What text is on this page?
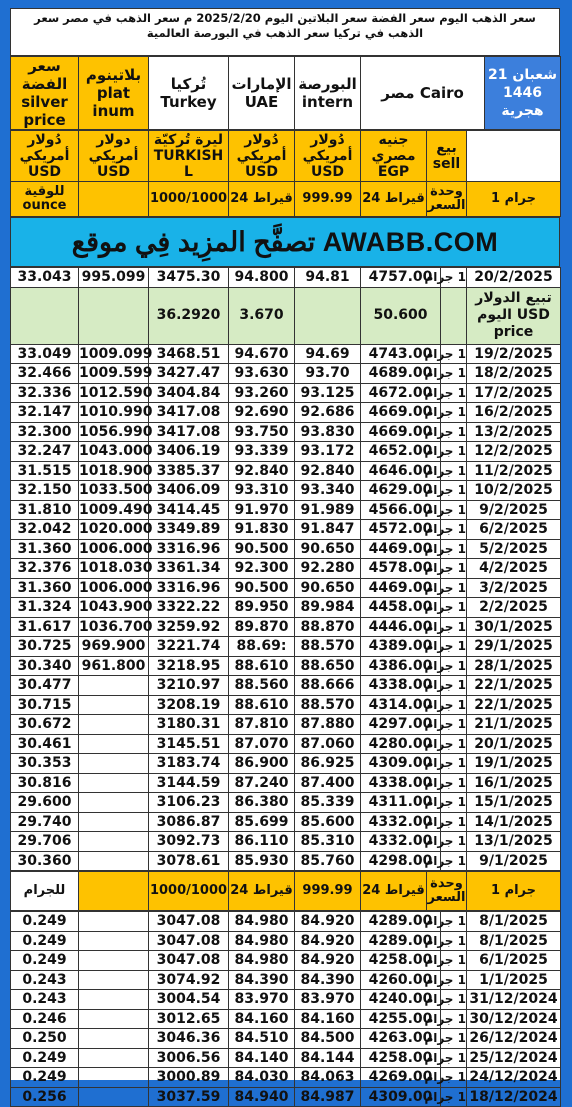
سعر الذهب اليوم سعر الفضة سعر البلاتين اليوم 2025/2/20 م سعر الذهب في مصر سعر الذهب في تركيا سعر الذهب في البورصة العالمية
سعر الفضة silver price	بلاتينوم plat inum	تُركيا Turkey	الإمارات UAE	البورصة intern	مصر Cairo	21 شعبان 1446 هجرية
دُولار أمريكي USD	دولار أمريكي USD	ليرة تُركيّة TURKISH L	دُولار أمريكي USD	دُولار أمريكي USD	جنيه مصري EGP	بيع sell	
للوقية ounce		1000/1000	24 قيراط	999.99	24 قيراط	وحدة السعر	1 جرام
تصفَّح المزِيد فِي موقع AWABB.COM
33.043	995.099	3475.30	94.800	94.81	4757.00	1 جرام	20/2/2025
		36.2920	3.670		50.600		تبيع الدولار اليوم USD price
33.049	1009.099	3468.51	94.670	94.69	4743.00	1 جرام	19/2/2025
32.466	1009.599	3427.47	93.630	93.70	4689.00	1 جرام	18/2/2025
32.336	1012.590	3404.84	93.260	93.125	4672.00	1 جرام	17/2/2025
32.147	1010.990	3417.08	92.690	92.686	4669.00	1 جرام	16/2/2025
32.300	1056.990	3417.08	93.750	93.830	4669.00	1 جرام	13/2/2025
32.247	1043.000	3406.19	93.339	93.172	4652.00	1 جرام	12/2/2025
31.515	1018.900	3385.37	92.840	92.840	4646.00	1 جرام	11/2/2025
32.150	1033.500	3406.09	93.310	93.340	4629.00	1 جرام	10/2/2025
31.810	1009.490	3414.45	91.970	91.989	4566.00	1 جرام	9/2/2025
32.042	1020.000	3349.89	91.830	91.847	4572.00	1 جرام	6/2/2025
31.360	1006.000	3316.96	90.500	90.650	4469.00	1 جرام	5/2/2025
32.376	1018.030	3361.34	92.300	92.280	4578.00	1 جرام	4/2/2025
31.360	1006.000	3316.96	90.500	90.650	4469.00	1 جرام	3/2/2025
31.324	1043.900	3322.22	89.950	89.984	4458.00	1 جرام	2/2/2025
31.617	1036.700	3259.92	89.870	88.870	4446.00	1 جرام	30/1/2025
30.725	969.900	3221.74	88.69:	88.570	4389.00	1 جرام	29/1/2025
30.340	961.800	3218.95	88.610	88.650	4386.00	1 جرام	28/1/2025
30.477		3210.97	88.560	88.666	4338.00	1 جرام	22/1/2025
30.715		3208.19	88.610	88.570	4314.00	1 جرام	22/1/2025
30.672		3180.31	87.810	87.880	4297.00	1 جرام	21/1/2025
30.461		3145.51	87.070	87.060	4280.00	1 جرام	20/1/2025
30.353		3183.74	86.900	86.925	4309.00	1 جرام	19/1/2025
30.816		3144.59	87.240	87.400	4338.00	1 جرام	16/1/2025
29.600		3106.23	86.380	85.339	4311.00	1 جرام	15/1/2025
29.740		3086.87	85.699	85.600	4332.00	1 جرام	14/1/2025
29.706		3092.73	86.110	85.310	4332.00	1 جرام	13/1/2025
30.360		3078.61	85.930	85.760	4298.00	1 جرام	9/1/2025
للجرام		1000/1000	24 قيراط	999.99	24 قيراط	وحدة السعر	1 جرام
0.249		3047.08	84.980	84.920	4289.00	1 جرام	8/1/2025
0.249		3047.08	84.980	84.920	4289.00	1 جرام	8/1/2025
0.249		3047.08	84.980	84.920	4258.00	1 جرام	6/1/2025
0.243		3074.92	84.390	84.390	4260.00	1 جرام	1/1/2025
0.243		3004.54	83.970	83.970	4240.00	1 جرام	31/12/2024
0.246		3012.65	84.160	84.160	4255.00	1 جرام	30/12/2024
0.250		3046.36	84.510	84.500	4263.00	1 جرام	26/12/2024
0.249		3006.56	84.140	84.144	4258.00	1 جرام	25/12/2024
0.249		3000.89	84.030	84.063	4269.00	1 جرام	24/12/2024
0.256		3037.59	84.940	84.987	4309.00	1 جرام	18/12/2024
